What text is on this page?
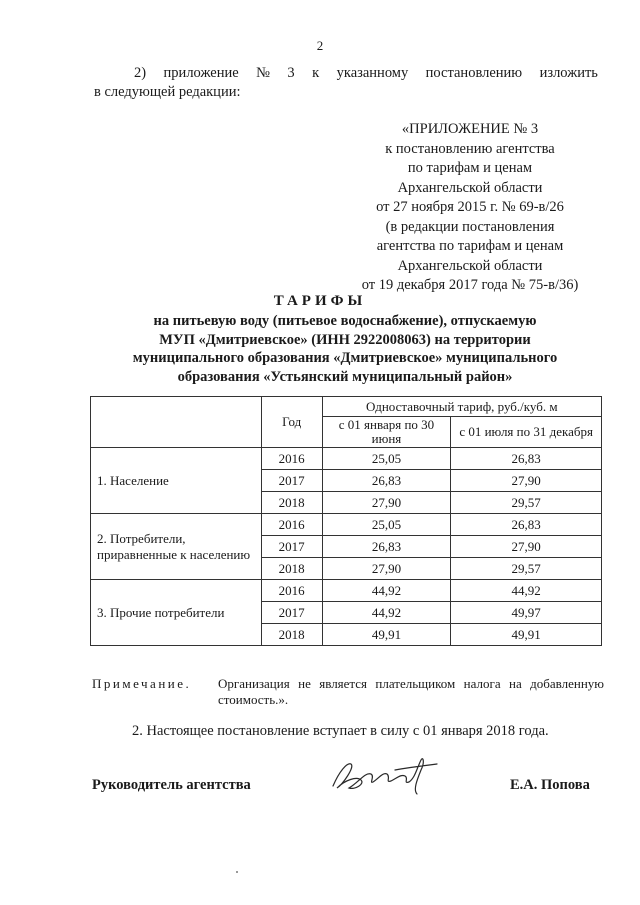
2
2) приложение № 3 к указанному постановлению изложить
в следующей редакции:
«ПРИЛОЖЕНИЕ № 3
к постановлению агентства
по тарифам и ценам
Архангельской области
от 27 ноября 2015 г. № 69-в/26
(в редакции постановления
агентства по тарифам и ценам
Архангельской области
от 19 декабря 2017 года № 75-в/36)
ТАРИФЫ
на питьевую воду (питьевое водоснабжение), отпускаемую
МУП «Дмитриевское» (ИНН 2922008063) на территории
муниципального образования «Дмитриевское» муниципального
образования «Устьянский муниципальный район»
	Год	Одноставочный тариф, руб./куб. м	
		с 01 января по 30 июня	с 01 июля по 31 декабря
1. Население	2016	25,05	26,83
	2017	26,83	27,90
	2018	27,90	29,57
2. Потребители, приравненные к населению	2016	25,05	26,83
	2017	26,83	27,90
	2018	27,90	29,57
3. Прочие потребители	2016	44,92	44,92
	2017	44,92	49,97
	2018	49,91	49,91
Примечание. Организация не является плательщиком налога на добавленную стоимость.».
2. Настоящее постановление вступает в силу с 01 января 2018 года.
Руководитель агентства	Е.А. Попова
